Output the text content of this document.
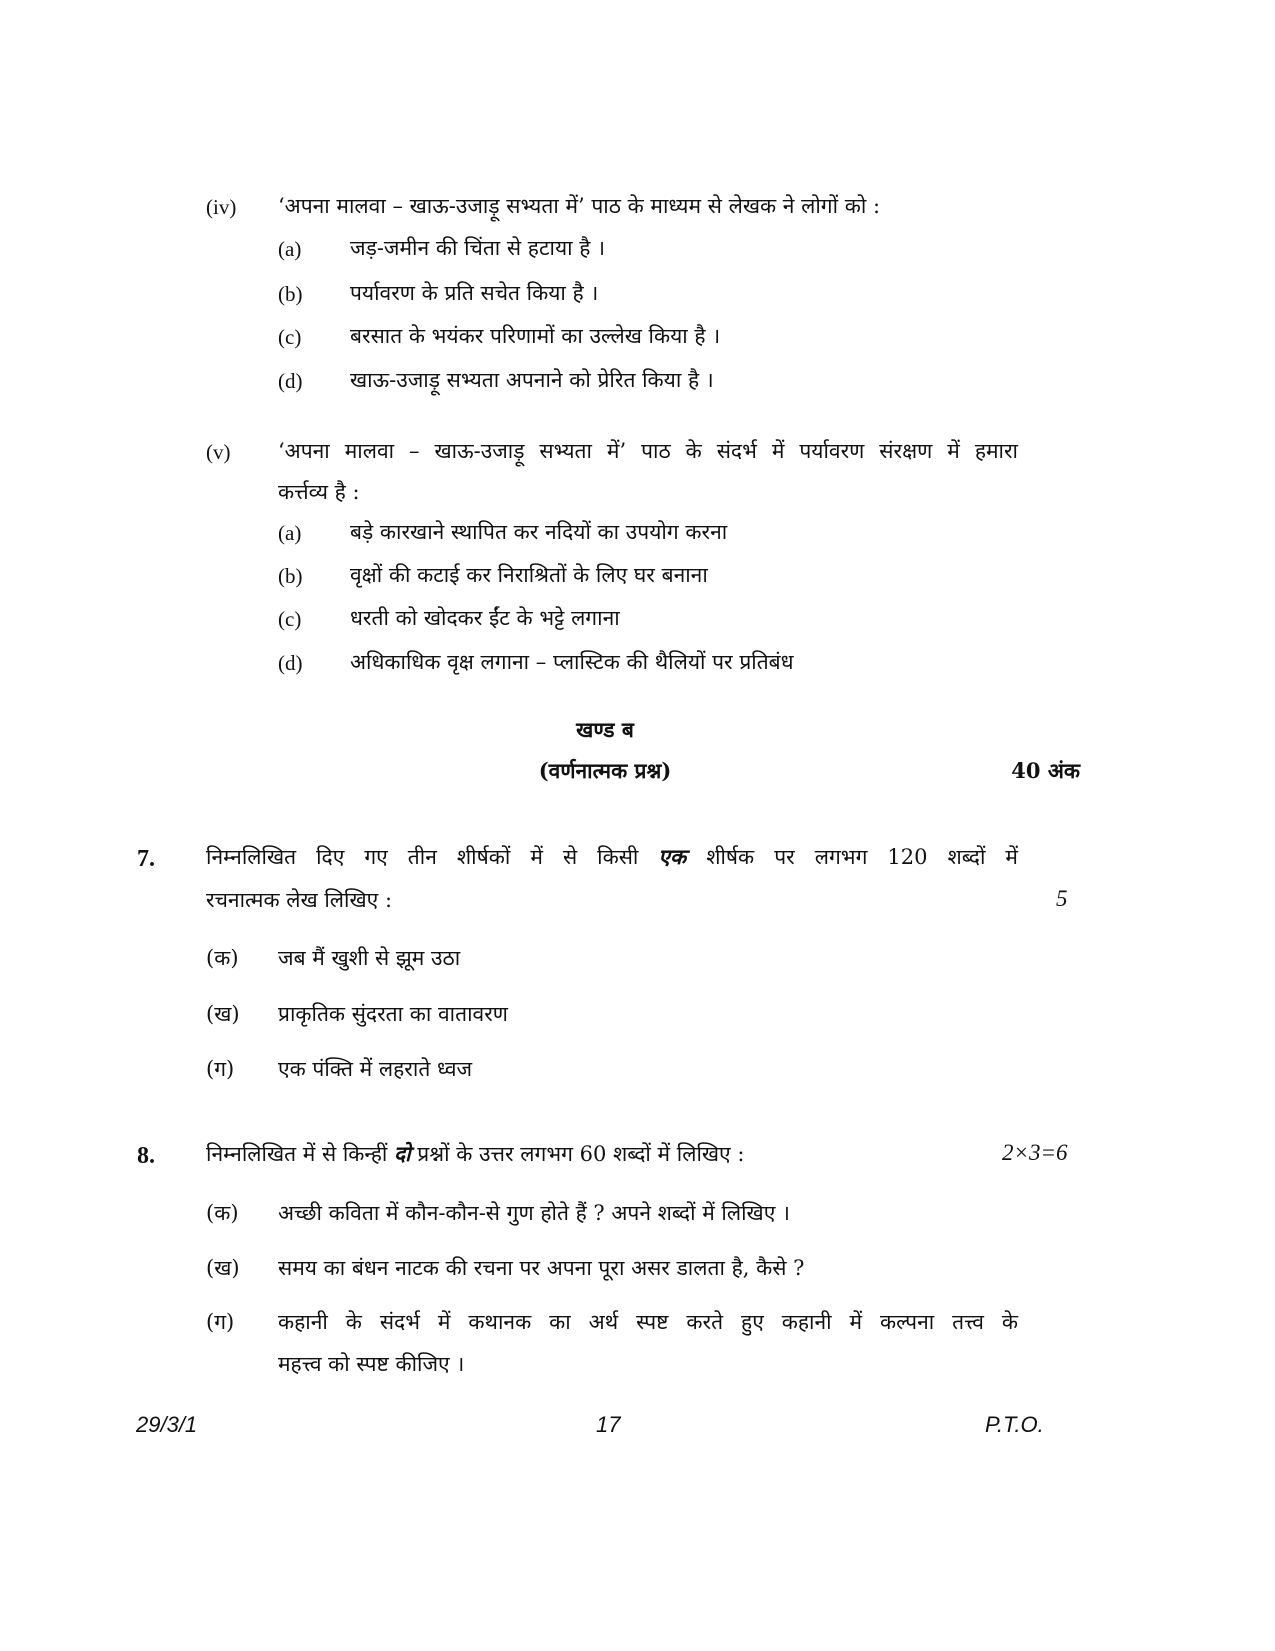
(iv) ‘अपना मालवा – खाऊ-उजाड़ू सभ्यता में’ पाठ के माध्यम से लेखक ने लोगों को :
(a) जड़-जमीन की चिंता से हटाया है ।
(b) पर्यावरण के प्रति सचेत किया है ।
(c) बरसात के भयंकर परिणामों का उल्लेख किया है ।
(d) खाऊ-उजाड़ू सभ्यता अपनाने को प्रेरित किया है ।
(v) ‘अपना मालवा – खाऊ-उजाड़ू सभ्यता में’ पाठ के संदर्भ में पर्यावरण संरक्षण में हमारा
कर्त्तव्य है :
(a) बड़े कारखाने स्थापित कर नदियों का उपयोग करना
(b) वृक्षों की कटाई कर निराश्रितों के लिए घर बनाना
(c) धरती को खोदकर ईंट के भट्टे लगाना
(d) अधिकाधिक वृक्ष लगाना – प्लास्टिक की थैलियों पर प्रतिबंध
खण्ड ब
(वर्णनात्मक प्रश्न)	40 अंक
7. निम्नलिखित दिए गए तीन शीर्षकों में से किसी एक शीर्षक पर लगभग 120 शब्दों में
रचनात्मक लेख लिखिए :	5
(क) जब मैं खुशी से झूम उठा
(ख) प्राकृतिक सुंदरता का वातावरण
(ग) एक पंक्ति में लहराते ध्वज
8. निम्नलिखित में से किन्हीं दो प्रश्नों के उत्तर लगभग 60 शब्दों में लिखिए :	2×3=6
(क) अच्छी कविता में कौन-कौन-से गुण होते हैं ? अपने शब्दों में लिखिए ।
(ख) समय का बंधन नाटक की रचना पर अपना पूरा असर डालता है, कैसे ?
(ग) कहानी के संदर्भ में कथानक का अर्थ स्पष्ट करते हुए कहानी में कल्पना तत्त्व के
महत्त्व को स्पष्ट कीजिए ।
29/3/1	17	P.T.O.
